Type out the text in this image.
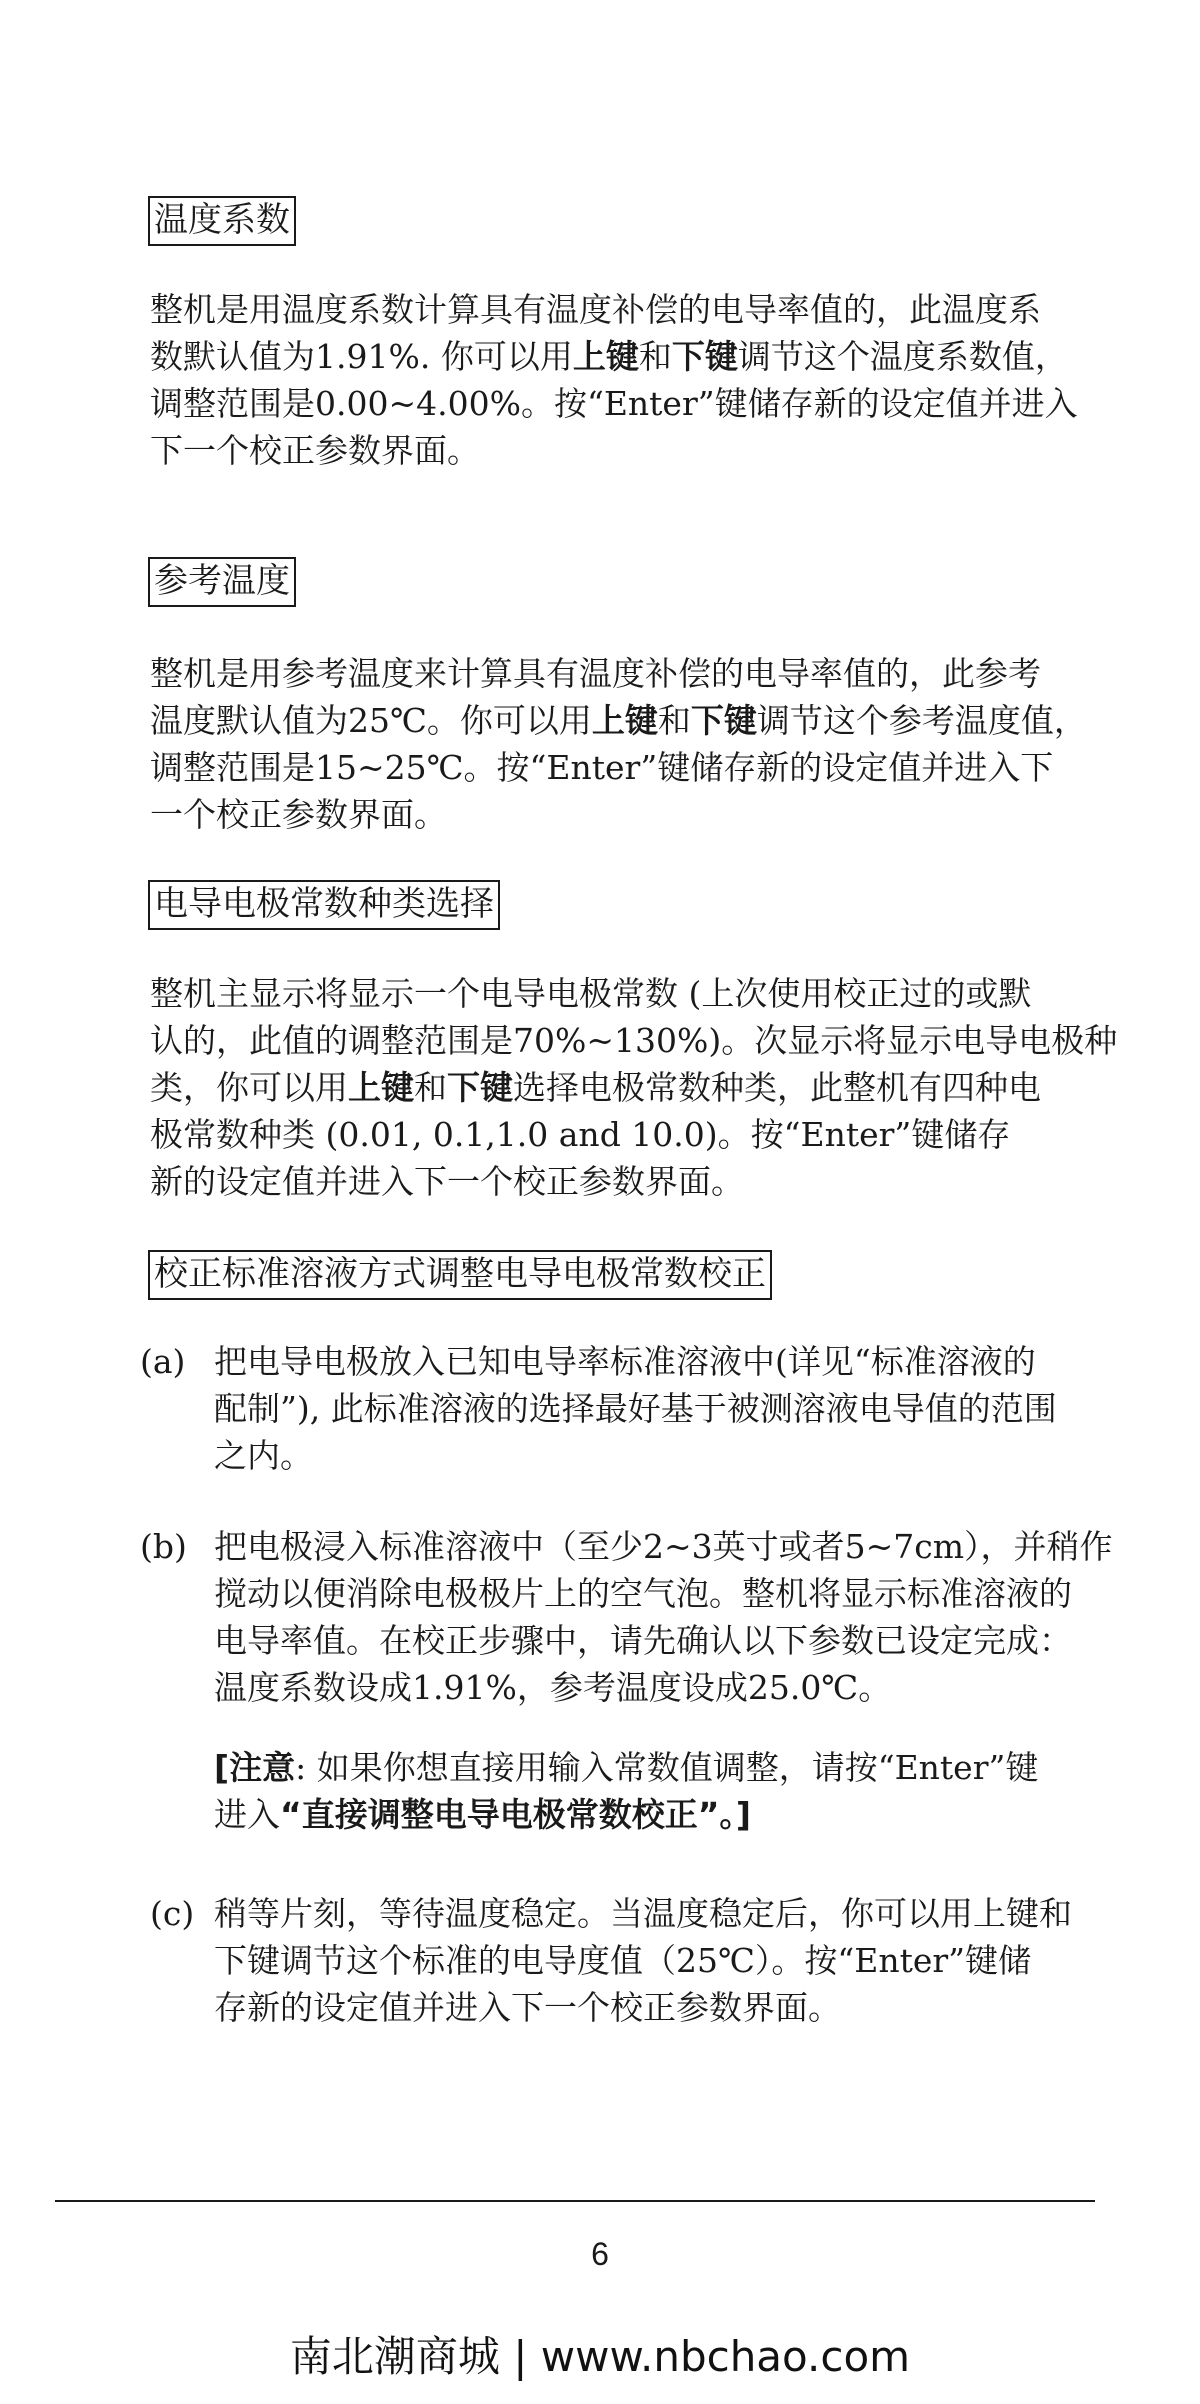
温度系数
整机是用温度系数计算具有温度补偿的电导率值的，此温度系
数默认值为1.91%. 你可以用上键和下键调节这个温度系数值，
调整范围是0.00~4.00%。按“Enter”键储存新的设定值并进入
下一个校正参数界面。
参考温度
整机是用参考温度来计算具有温度补偿的电导率值的，此参考
温度默认值为25℃。你可以用上键和下键调节这个参考温度值，
调整范围是15~25℃。按“Enter”键储存新的设定值并进入下
一个校正参数界面。
电导电极常数种类选择
整机主显示将显示一个电导电极常数 (上次使用校正过的或默
认的，此值的调整范围是70%~130%)。次显示将显示电导电极种
类，你可以用上键和下键选择电极常数种类，此整机有四种电
极常数种类 (0.01, 0.1,1.0 and 10.0)。按“Enter”键储存
新的设定值并进入下一个校正参数界面。
校正标准溶液方式调整电导电极常数校正
(a) 把电导电极放入已知电导率标准溶液中(详见“标准溶液的
配制”), 此标准溶液的选择最好基于被测溶液电导值的范围
之内。
(b) 把电极浸入标准溶液中（至少2~3英寸或者5~7cm），并稍作
搅动以便消除电极极片上的空气泡。整机将显示标准溶液的
电导率值。在校正步骤中，请先确认以下参数已设定完成：
温度系数设成1.91%，参考温度设成25.0℃。
[注意: 如果你想直接用输入常数值调整，请按“Enter”键
进入“直接调整电导电极常数校正”。]
(c) 稍等片刻，等待温度稳定。当温度稳定后，你可以用上键和
下键调节这个标准的电导度值（25℃）。按“Enter”键储
存新的设定值并进入下一个校正参数界面。
6
南北潮商城 | www.nbchao.com
